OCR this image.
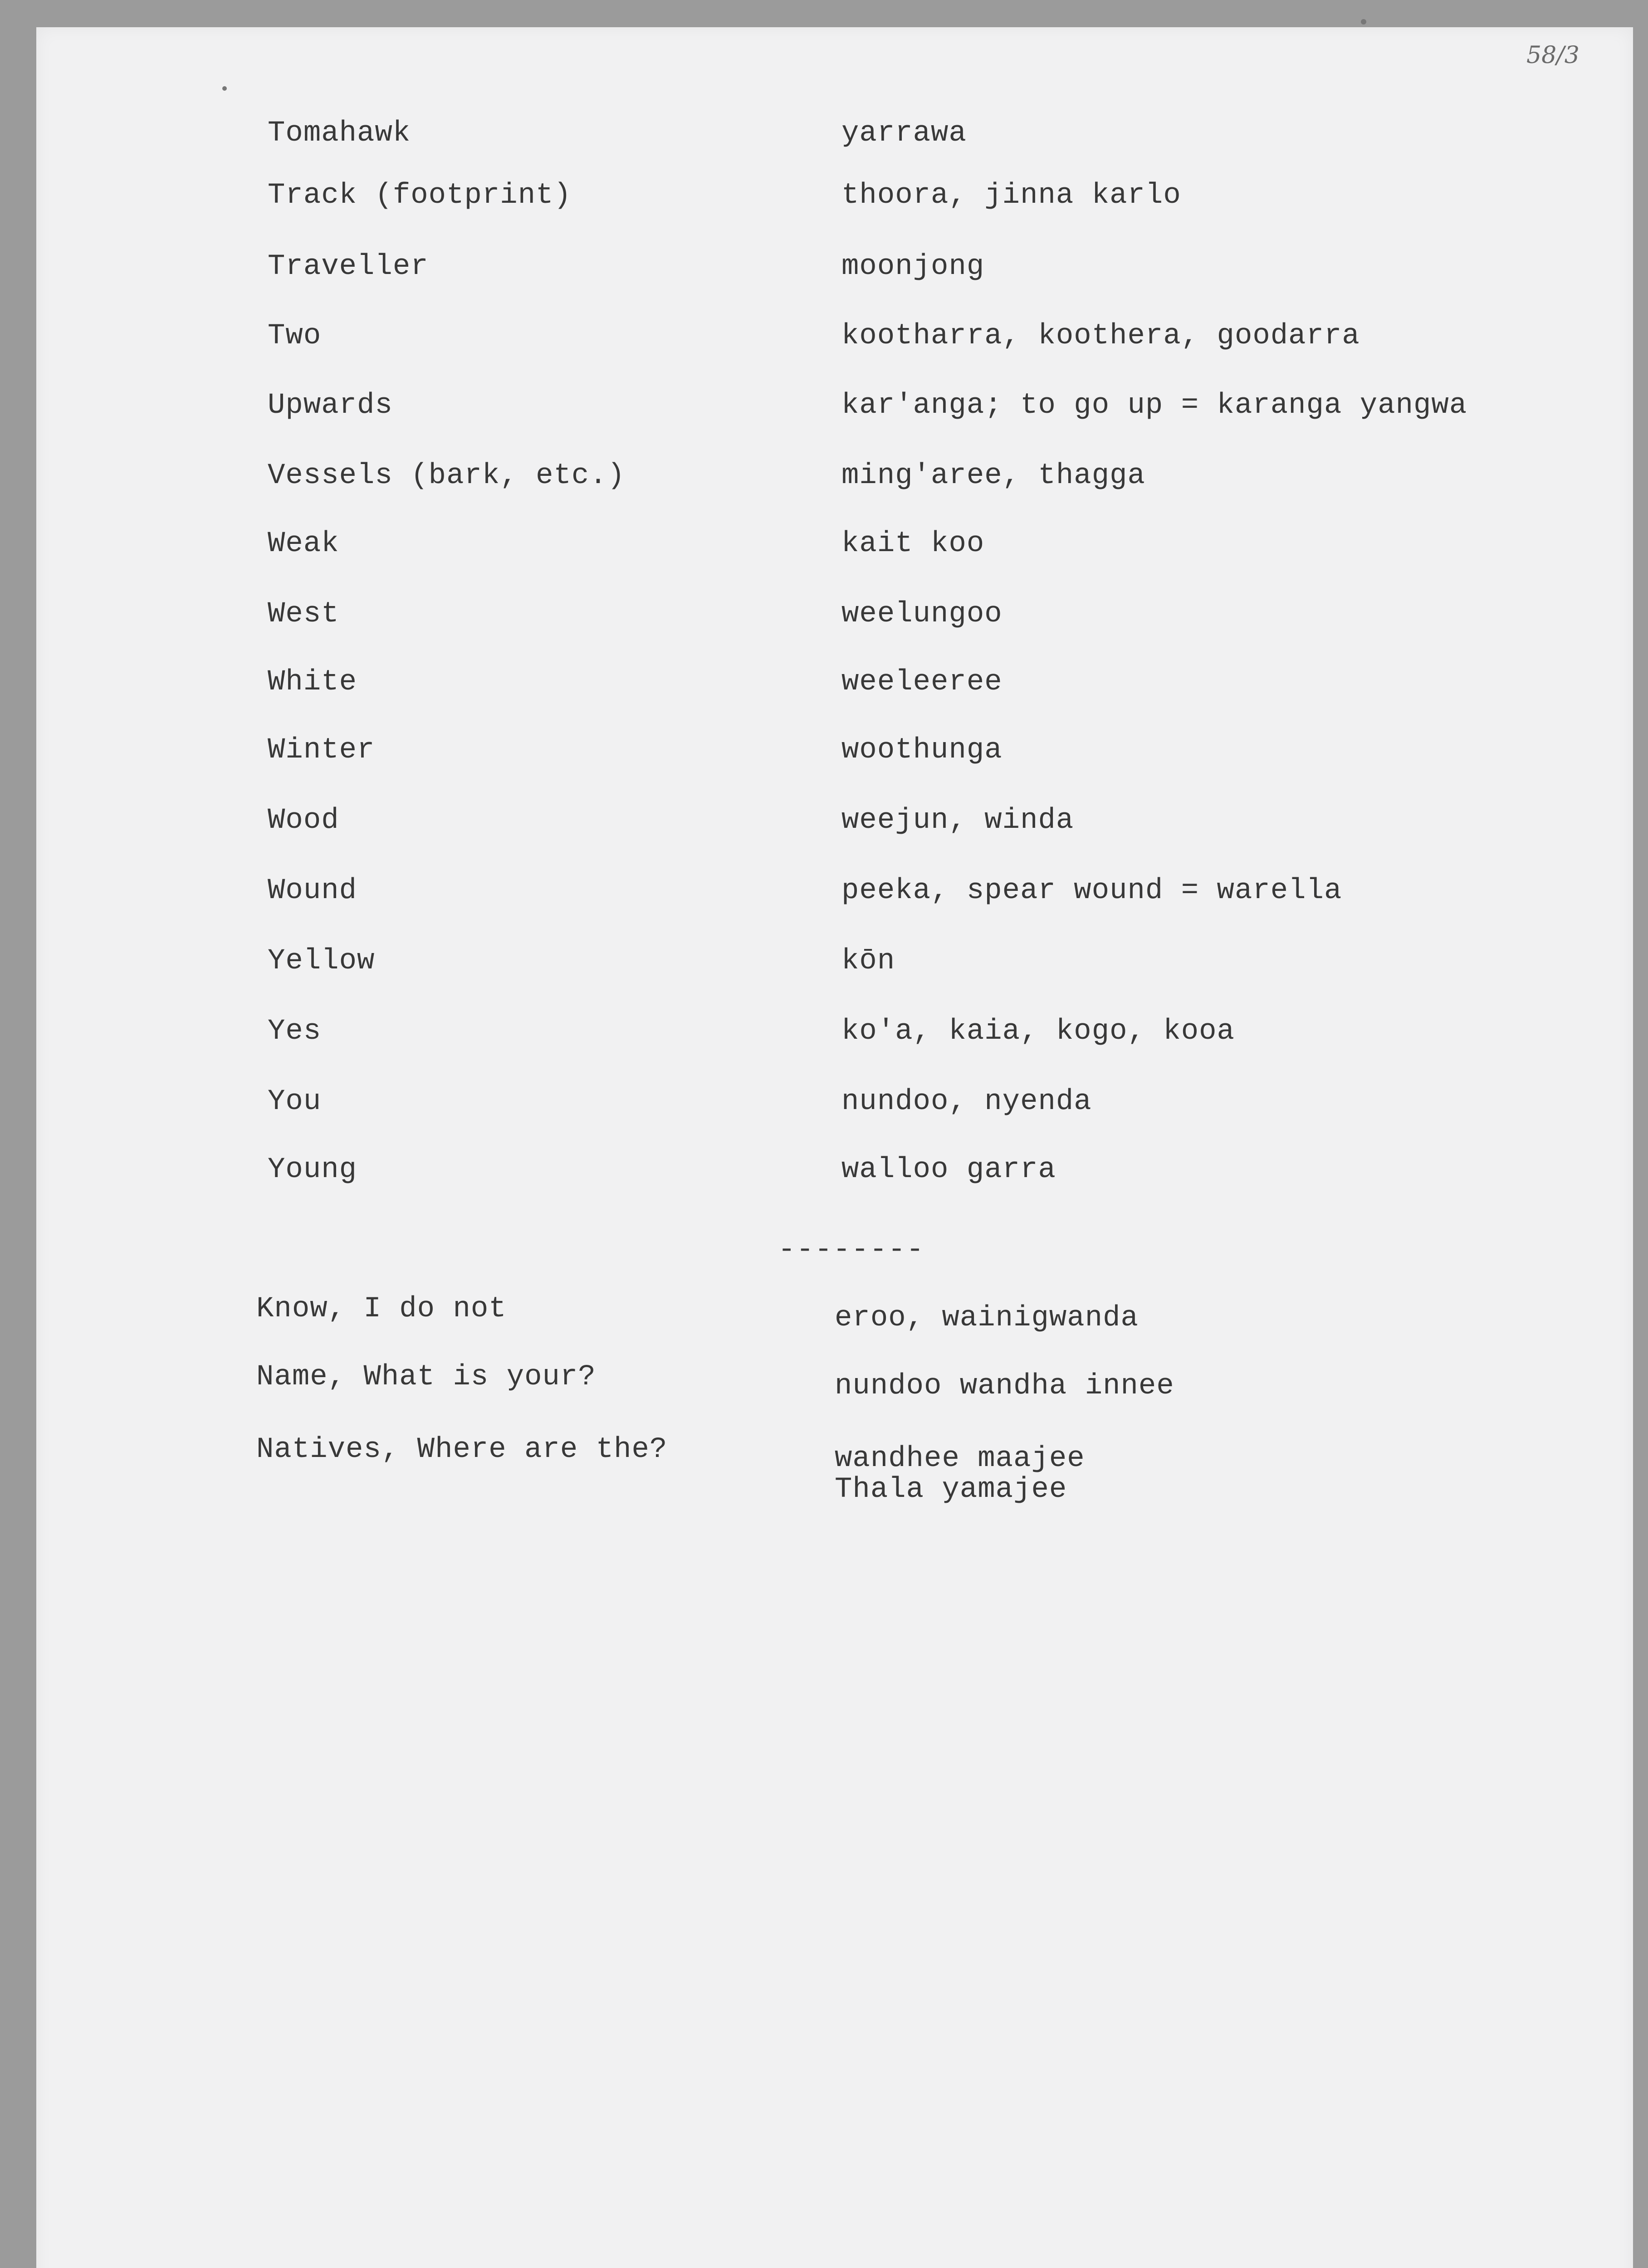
58/3
Tomahawk	yarrawa
Track (footprint)	thoora, jinna karlo
Traveller	moonjong
Two	kootharra, koothera, goodarra
Upwards	kar'anga; to go up = karanga yangwa
Vessels (bark, etc.)	ming'aree, thagga
Weak	kait koo
West	weelungoo
White	weeleeree
Winter	woothunga
Wood	weejun, winda
Wound	peeka, spear wound = warella
Yellow	kōn
Yes	ko'a, kaia, kogo, kooa
You	nundoo, nyenda
Young	walloo garra
--------
Know, I do not	eroo, wainigwanda
Name, What is your?	nundoo wandha innee
Natives, Where are the?	wandhee maajee
Thala yamajee
